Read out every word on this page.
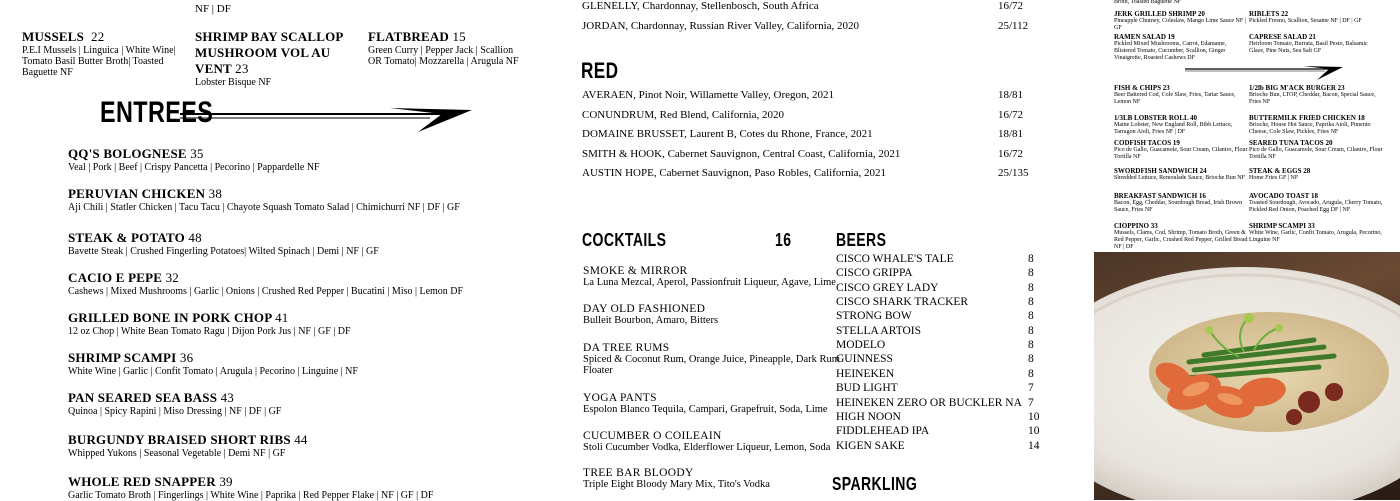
NF | DF
MUSSELS 22
P.E.I Mussels | Linguica | White Wine|
Tomato Basil Butter Broth| Toasted
Baguette NF
SHRIMP BAY SCALLOP
MUSHROOM VOL AU VENT 23
Lobster Bisque NF
FLATBREAD 15
Green Curry | Pepper Jack | Scallion
OR Tomato| Mozzarella | Arugula NF
ENTREES
QQ'S BOLOGNESE 35
Veal | Pork | Beef | Crispy Pancetta | Pecorino | Pappardelle NF
PERUVIAN CHICKEN 38
Aji Chili | Statler Chicken | Tacu Tacu | Chayote Squash Tomato Salad | Chimichurri NF | DF | GF
STEAK & POTATO 48
Bavette Steak | Crushed Fingerling Potatoes| Wilted Spinach | Demi | NF | GF
CACIO E PEPE 32
Cashews | Mixed Mushrooms | Garlic | Onions | Crushed Red Pepper | Bucatini | Miso | Lemon DF
GRILLED BONE IN PORK CHOP 41
12 oz Chop | White Bean Tomato Ragu | Dijon Pork Jus | NF | GF | DF
SHRIMP SCAMPI 36
White Wine | Garlic | Confit Tomato | Arugula | Pecorino | Linguine | NF
PAN SEARED SEA BASS 43
Quinoa | Spicy Rapini | Miso Dressing | NF | DF | GF
BURGUNDY BRAISED SHORT RIBS 44
Whipped Yukons | Seasonal Vegetable | Demi NF | GF
WHOLE RED SNAPPER 39
Garlic Tomato Broth | Fingerlings | White Wine | Paprika | Red Pepper Flake | NF | GF | DF
GLENELLY, Chardonnay, Stellenbosch, South Africa	16/72
JORDAN, Chardonnay, Russian River Valley, California, 2020	25/112
RED
AVERAEN, Pinot Noir, Willamette Valley, Oregon, 2021	18/81
CONUNDRUM, Red Blend, California, 2020	16/72
DOMAINE BRUSSET, Laurent B, Cotes du Rhone, France, 2021	18/81
SMITH & HOOK, Cabernet Sauvignon, Central Coast, California, 2021	16/72
AUSTIN HOPE, Cabernet Sauvignon, Paso Robles, California, 2021	25/135
COCKTAILS	16
SMOKE & MIRROR
La Luna Mezcal, Aperol, Passionfruit Liqueur, Agave, Lime
DAY OLD FASHIONED
Bulleit Bourbon, Amaro, Bitters
DA TREE RUMS
Spiced & Coconut Rum, Orange Juice, Pineapple, Dark Rum
Floater
YOGA PANTS
Espolon Blanco Tequila, Campari, Grapefruit, Soda, Lime
CUCUMBER O COILEAIN
Stoli Cucumber Vodka, Elderflower Liqueur, Lemon, Soda
TREE BAR BLOODY
Triple Eight Bloody Mary Mix, Tito's Vodka
BEERS
CISCO WHALE'S TALE	8
CISCO GRIPPA	8
CISCO GREY LADY	8
CISCO SHARK TRACKER	8
STRONG BOW	8
STELLA ARTOIS	8
MODELO	8
GUINNESS	8
HEINEKEN	8
BUD LIGHT	7
HEINEKEN ZERO OR BUCKLER NA 7
HIGH NOON	10
FIDDLEHEAD IPA	10
KIGEN SAKE	14
SPARKLING
Broth, Toasted Baguette NF
JERK GRILLED SHRIMP 20
Pineapple Chutney, Coleslaw, Mango Lime Sauce NF | GF
RAMEN SALAD 19
Pickled Mixed Mushrooms, Carrot, Edamame, Blistered Tomato, Cucumber, Scallion, Ginger Vinaigrette, Roasted Cashews DF
FISH & CHIPS 23
Beer Battered Cod, Cole Slaw, Fries, Tartar Sauce, Lemon NF
1/3LB LOBSTER ROLL 40
Maine Lobster, New England Roll, Bibb Lettuce, Tarragon Aioli, Fries NF | DF
CODFISH TACOS 19
Pico de Gallo, Guacamole, Sour Cream, Cilantro, Flour Tortilla NF
SWORDFISH SANDWICH 24
Shredded Lettuce, Remoulade Sauce, Brioche Bun NF
BREAKFAST SANDWICH 16
Bacon, Egg, Cheddar, Sourdough Bread, Irish Brown Sauce, Fries NF
CIOPPINO 33
Mussels, Clams, Cod, Shrimp, Tomato Broth, Green & Red Pepper, Garlic, Crushed Red Pepper, Grilled Bread NF | DF
RIBLETS 22
Pickled Fresno, Scallion, Sesame NF | DF | GF
CAPRESE SALAD 21
Heirloom Tomato, Burrata, Basil Pesto, Balsamic Glaze, Pine Nuts, Sea Salt GF
1/2lb BIG M'ACK BURGER 23
Brioche Bun, LTOP, Cheddar, Bacon, Special Sauce, Fries NF
BUTTERMILK FRIED CHICKEN 18
Brioche, House Hot Sauce, Paprika Aioli, Pimento Cheese, Cole Slaw, Pickles, Fries NF
SEARED TUNA TACOS 20
Pico de Gallo, Guacamole, Sour Cream, Cilantro, Flour Tortilla NF
STEAK & EGGS 28
Home Fries GF | NF
AVOCADO TOAST 18
Toasted Sourdough, Avocado, Arugula, Cherry Tomato, Pickled Red Onion, Poached Egg DF | NF
SHRIMP SCAMPI 33
White Wine, Garlic, Confit Tomato, Arugula, Pecorino, Linguine NF
